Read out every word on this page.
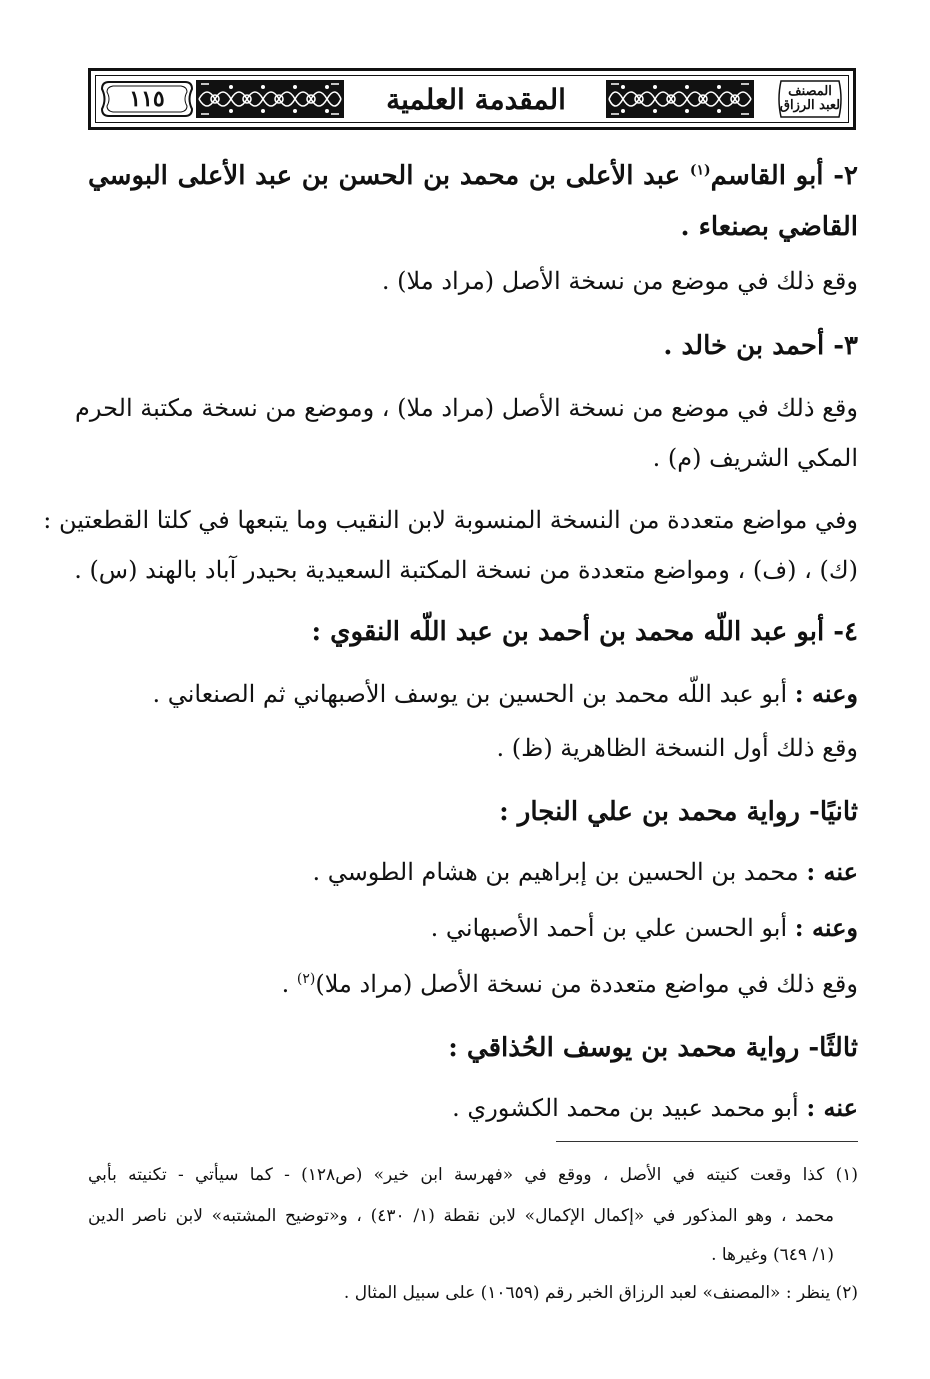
١١٥	المقدمة العلمية	المصنف
لعبد الرزاق
٢- أبو القاسم$^{(١)}$ عبد الأعلى بن محمد بن الحسن بن عبد الأعلى البوسي
القاضي بصنعاء .
وقع ذلك في موضع من نسخة الأصل (مراد ملا) .
٣- أحمد بن خالد .
وقع ذلك في موضع من نسخة الأصل (مراد ملا) ، وموضع من نسخة مكتبة الحرم
المكي الشريف (م) .
وفي مواضع متعددة من النسخة المنسوبة لابن النقيب وما يتبعها في كلتا القطعتين :
(ك) ، (ف) ، ومواضع متعددة من نسخة المكتبة السعيدية بحيدر آباد بالهند (س) .
٤- أبو عبد اللّه محمد بن أحمد بن عبد اللّه النقوي :
وعنه : أبو عبد اللّه محمد بن الحسين بن يوسف الأصبهاني ثم الصنعاني .
وقع ذلك أول النسخة الظاهرية (ظ) .
ثانيًا- رواية محمد بن علي النجار :
عنه : محمد بن الحسين بن إبراهيم بن هشام الطوسي .
وعنه : أبو الحسن علي بن أحمد الأصبهاني .
وقع ذلك في مواضع متعددة من نسخة الأصل (مراد ملا)$^{(٢)}$ .
ثالثًا- رواية محمد بن يوسف الحُذاقي :
عنه : أبو محمد عبيد بن محمد الكشوري .
(١) كذا وقعت كنيته في الأصل ، ووقع في «فهرسة ابن خير» (ص١٢٨) - كما سيأتي - تكنيته بأبي
محمد ، وهو المذكور في «إكمال الإكمال» لابن نقطة (١/ ٤٣٠) ، و«توضيح المشتبه» لابن ناصر الدين
(١/ ٦٤٩) وغيرها .
(٢) ينظر : «المصنف» لعبد الرزاق الخبر رقم (١٠٦٥٩) على سبيل المثال .
